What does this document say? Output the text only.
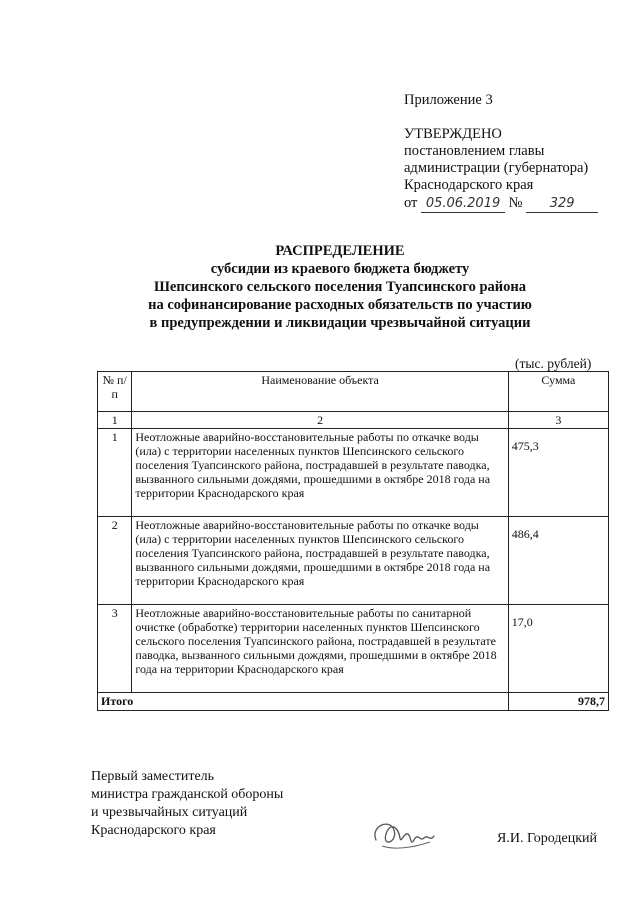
Приложение 3
УТВЕРЖДЕНО
постановлением главы
администрации (губернатора)
Краснодарского края
от 05.06.2019 № 329
РАСПРЕДЕЛЕНИЕ
субсидии из краевого бюджета бюджету
Шепсинского сельского поселения Туапсинского района
на софинансирование расходных обязательств по участию
в предупреждении и ликвидации чрезвычайной ситуации
(тыс. рублей)
№ п/п	Наименование объекта	Сумма
1	2	3
1	Неотложные аварийно-восстановительные работы по откачке воды (ила) с территории населенных пунктов Шепсинского сельского поселения Туапсинского района, пострадавшей в результате паводка, вызванного сильными дождями, прошедшими в октябре 2018 года на территории Краснодарского края	475,3
2	Неотложные аварийно-восстановительные работы по откачке воды (ила) с территории населенных пунктов Шепсинского сельского поселения Туапсинского района, пострадавшей в результате паводка, вызванного сильными дождями, прошедшими в октябре 2018 года на территории Краснодарского края	486,4
3	Неотложные аварийно-восстановительные работы по санитарной очистке (обработке) территории населенных пунктов Шепсинского сельского поселения Туапсинского района, пострадавшей в результате паводка, вызванного сильными дождями, прошедшими в октябре 2018 года на территории Краснодарского края	17,0
Итого		978,7
Первый заместитель
министра гражданской обороны
и чрезвычайных ситуаций
Краснодарского края
Я.И. Городецкий
